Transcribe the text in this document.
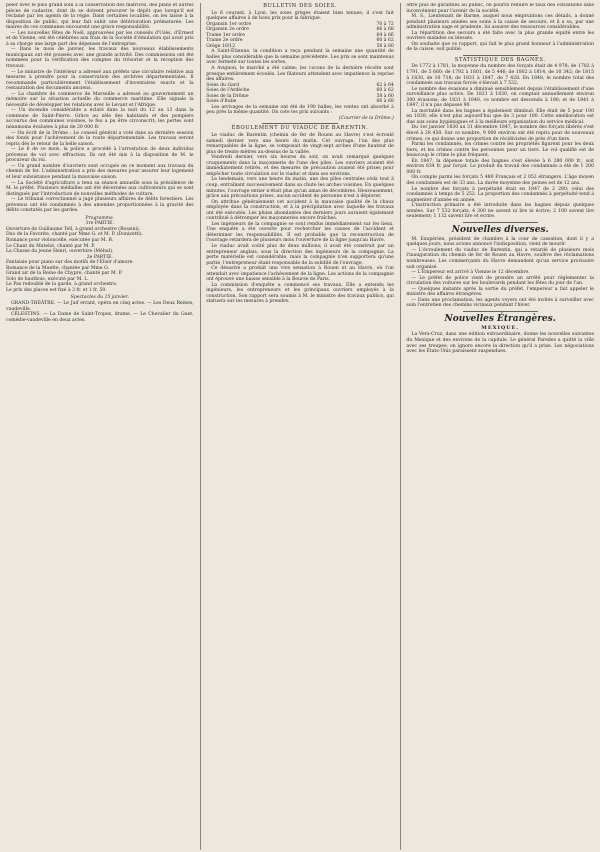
peler avec le plus grand soin à la conservation des matrices, des plans et autres pièces de cadastre, dont ils se doivent procurer le dépôt que lorsqu'il est réclamé par les agents de la régie. Dans certaines localités, on les laisse à la disposition de public, qui leur fait subir une détérioration prématurée. Les maires de ces communes encourent une grave responsabilité.

— Les nouvelles fêtes de Noël, approuvées par les conseils d'Uzès, d'Ernest et de Vienne, ont été célébrées aux frais de la Société d'émulation qui avait pris à sa charge une large part des dépenses de l'entreprise.

— Dans le mois de janvier, les travaux des nouveaux établissements municipaux ont été poussés avec une grande activité. Des commissions ont été nommées pour la vérification des comptes du trésorier et la réception des travaux.

— Le ministre de l'intérieur a adressé aux préfets une circulaire relative aux mesures à prendre pour la conservation des archives départementales. Il recommande particulièrement l'établissement d'inventaires exacts et la restauration des documents anciens.

— La chambre de commerce de Marseille a adressé au gouvernement un mémoire sur la situation actuelle du commerce maritime. Elle signale la nécessité de développer les relations avec le Levant et l'Afrique.

— Un incendie considérable a éclaté dans la nuit du 12 au 13 dans la commune de Saint-Pierre. Grâce au zèle des habitants et des pompiers accourus des communes voisines, le feu a pu être circonscrit; les pertes sont néanmoins évaluées à plus de 20 000 fr.

— On écrit de la Drôme : Le conseil général a voté dans sa dernière session des fonds pour l'achèvement de la route départementale. Les travaux seront repris dès le retour de la belle saison.

— Le 6 de ce mois, la police a procédé à l'arrestation de deux individus prévenus de vol avec effraction. Ils ont été mis à la disposition de M. le procureur du roi.

— Un grand nombre d'ouvriers sont occupés en ce moment aux travaux du chemin de fer. L'administration a pris des mesures pour assurer leur logement et leur subsistance pendant la mauvaise saison.

— La Société d'agriculture a tenu sa séance annuelle sous la présidence de M. le préfet. Plusieurs médailles ont été décernées aux cultivateurs qui se sont distingués par l'introduction de nouvelles méthodes de culture.

— Le tribunal correctionnel a jugé plusieurs affaires de délits forestiers. Les prévenus ont été condamnés à des amendes proportionnées à la gravité des délits constatés par les gardes.

Programme.

1re PARTIE.

Ouverture de Guillaume Tell, à grand orchestre (Rossini).

Duo de la Favorite, chanté par Mme G. et M. P. (Donizetti).

Romance pour violoncelle, exécutée par M. B.

Le Chant du Matelot, chanté par M. P.

La Chasse du jeune Henri, ouverture (Méhul).

2e PARTIE.

Fantaisie pour piano sur des motifs de l'Elisir d'amore.

Romance de la Muette, chantée par Mme G.

Grand air de la Reine de Chypre, chanté par M. P.

Solo de hautbois, exécuté par M. L.

Le Pas redoublé de la garde, à grand orchestre.

Le prix des places est fixé à 3 fr. et 1 fr. 50.

Spectacles du 15 janvier.

GRAND-THÉÂTRE. — Le Juif errant, opéra en cinq actes. — Les Deux Reines, vaudeville.

CÉLESTINS. — La Dame de Saint-Tropez, drame. — Le Chevalier du Guet, comédie-vaudeville en deux actes.

BULLETIN DES SOIES.

Le 6 courant, à Lyon, les soies grèges étaient bien tenues; il s'est fait quelques affaires à de bons prix pour la fabrique.

Organsin 1er ordre	70 à 72
Organsin 2e ordre	66 à 68
Trame 1er ordre	64 à 66
Trame 2e ordre	60 à 62
Grège 10/12	58 à 60

A Saint-Étienne, la condition a reçu pendant la semaine une quantité de balles plus considérable que la semaine précédente. Les prix se sont maintenus avec fermeté sur toutes les sortes.

A Avignon, le marché a été calme; les cocons de la dernière récolte sont presque entièrement écoulés. Les filateurs attendent avec impatience la reprise des affaires.

Soies du Gard	62 à 64
Soies de l'Ardèche	60 à 62
Soies de la Drôme	58 à 60
Soies d'Italie	66 à 68

Les arrivages de la semaine ont été de 190 balles; les ventes ont absorbé à peu près la même quantité. On cote les prix suivants :

(Courrier de la Drôme.)

ÉBOULEMENT DU VIADUC DE BARENTIN.

Le viaduc de Barentin (chemin de fer de Rouen au Havre) s'est écroulé samedi dernier vers une heure du matin. Cet ouvrage, l'un des plus remarquables de la ligne, se composait de vingt-sept arches d'une hauteur de plus de trente mètres au-dessus de la vallée.

Vendredi dernier, vers six heures du soir, on avait remarqué quelques craquements dans la maçonnerie de l'une des piles. Les ouvriers avaient été immédiatement retirés, et des mesures de précaution avaient été prises pour empêcher toute circulation sur le viaduc et dans ses environs.

Le lendemain, vers une heure du matin, une des piles centrales céda tout à coup, entraînant successivement dans sa chute les arches voisines. En quelques minutes, l'ouvrage entier n'était plus qu'un amas de décombres. Heureusement, grâce aux précautions prises, aucun accident de personne n'est à déplorer.

On attribue généralement cet accident à la mauvaise qualité de la chaux employée dans la construction, et à la précipitation avec laquelle les travaux ont été exécutés. Les pluies abondantes des derniers jours auraient également contribué à détremper les maçonneries encore fraîches.

Les ingénieurs de la compagnie se sont rendus immédiatement sur les lieux. Une enquête a été ouverte pour rechercher les causes de l'accident et déterminer les responsabilités. Il est probable que la reconstruction de l'ouvrage retardera de plusieurs mois l'ouverture de la ligne jusqu'au Havre.

Le viaduc avait coûté plus de deux millions; il avait été construit par un entrepreneur anglais, sous la direction des ingénieurs de la compagnie. La perte matérielle est considérable, mais la compagnie n'en supportera qu'une partie, l'entrepreneur étant responsable de la solidité de l'ouvrage.

Ce désastre a produit une vive sensation à Rouen et au Havre, où l'on attendait avec impatience l'achèvement de la ligne. Les actions de la compagnie ont éprouvé une baisse sensible à la Bourse de Paris.

La commission d'enquête a commencé ses travaux. Elle a entendu les ingénieurs, les entrepreneurs et les principaux ouvriers employés à la construction. Son rapport sera soumis à M. le ministre des travaux publics, qui statuera sur les mesures à prendre.

offre plus de garanties au public, on pourra réduire le taux des cotisations sans inconvénient pour l'avenir de la société.

M. S., Lieutenant de Barme, auquel nous empruntons ces détails, a donné pendant plusieurs années ses soins à la caisse de secours, et il a su, par une administration sage et prudente, lui assurer des ressources considérables.

La répartition des secours a été faite avec la plus grande équité entre les ouvriers malades ou blessés.

On souhaite que ce rapport, qui fait le plus grand honneur à l'administration de la caisse, soit publié.

STATISTIQUE DES BAGNES.

De 1772 à 1781, la moyenne du nombre des forçats était de 4 978; de 1782 à 1791, de 5 660; de 1792 à 1801, de 5 446; de 1802 à 1814, de 10 342; de 1815 à 1830, de 10 718; de 1831 à 1847, de 7 428. En 1848, le nombre total des condamnés aux travaux forcés s'élevait à 7 532.

Le nombre des évasions a diminué sensiblement depuis l'établissement d'une surveillance plus active. De 1821 à 1830, on comptait annuellement environ 300 évasions; de 1831 à 1840, ce nombre est descendu à 180; et de 1841 à 1847, il n'a pas dépassé 90.

La mortalité dans les bagnes a également diminué. Elle était de 5 pour 100 en 1830; elle n'est plus aujourd'hui que de 3 pour 100. Cette amélioration est due aux soins hygiéniques et à la meilleure organisation du service médical.

Du 1er janvier 1830 au 31 décembre 1847, le nombre des forçats libérés s'est élevé à 28 450. Sur ce nombre, 9 000 environ ont été repris pour de nouveaux crimes, ce qui donne une proportion de récidivistes de près d'un tiers.

Parmi les condamnés, les crimes contre les propriétés figurent pour les deux tiers, et les crimes contre les personnes pour un tiers. Le vol qualifié est de beaucoup le crime le plus fréquent.

En 1847, la dépense totale des bagnes s'est élevée à 6 280 000 fr., soit environ 834 fr. par forçat. Le produit du travail des condamnés a été de 1 200 000 fr.

On compte parmi les forçats 5 480 Français et 2 052 étrangers. L'âge moyen des condamnés est de 33 ans. La durée moyenne des peines est de 12 ans.

Le nombre des forçats à perpétuité était en 1847 de 2 280; celui des condamnés à temps de 5 252. La proportion des condamnés à perpétuité tend à augmenter d'année en année.

L'instruction primaire a été introduite dans les bagnes depuis quelques années. Sur 7 532 forçats, 4 300 ne savent ni lire ni écrire; 2 100 savent lire seulement; 1 132 savent lire et écrire.

Nouvelles diverses.

M. Exupérien, président de chambre à la cour de cassation, dont il y a quelques jours, nous avions annoncé l'indisposition, vient de mourir.

— L'écroulement du viaduc de Barentin, qui a retardé de plusieurs mois l'inauguration du chemin de fer de Rouen au Havre, soulève des réclamations nombreuses. Les commerçants du Havre demandent qu'un service provisoire soit organisé.

— L'Empereur est arrivé à Vienne le 12 décembre.

— Le préfet de police vient de prendre un arrêté pour réglementer la circulation des voitures sur les boulevards pendant les fêtes du jour de l'an.

— Quelques instants après la sortie du préfet, l'empereur a fait appeler le ministre des affaires étrangères.

— Dans une proclamation, les agents voyers ont été invités à surveiller avec soin l'entretien des chemins vicinaux pendant l'hiver.

Nouvelles Étrangères.

MEXIQUE.

La Vera-Cruz, dans une édition extraordinaire, donne les nouvelles suivantes du Mexique et des environs de la capitale. Le général Paredes a quitté la ville avec ses troupes; on ignore encore la direction qu'il a prise. Les négociations avec les États-Unis paraissent suspendues.
